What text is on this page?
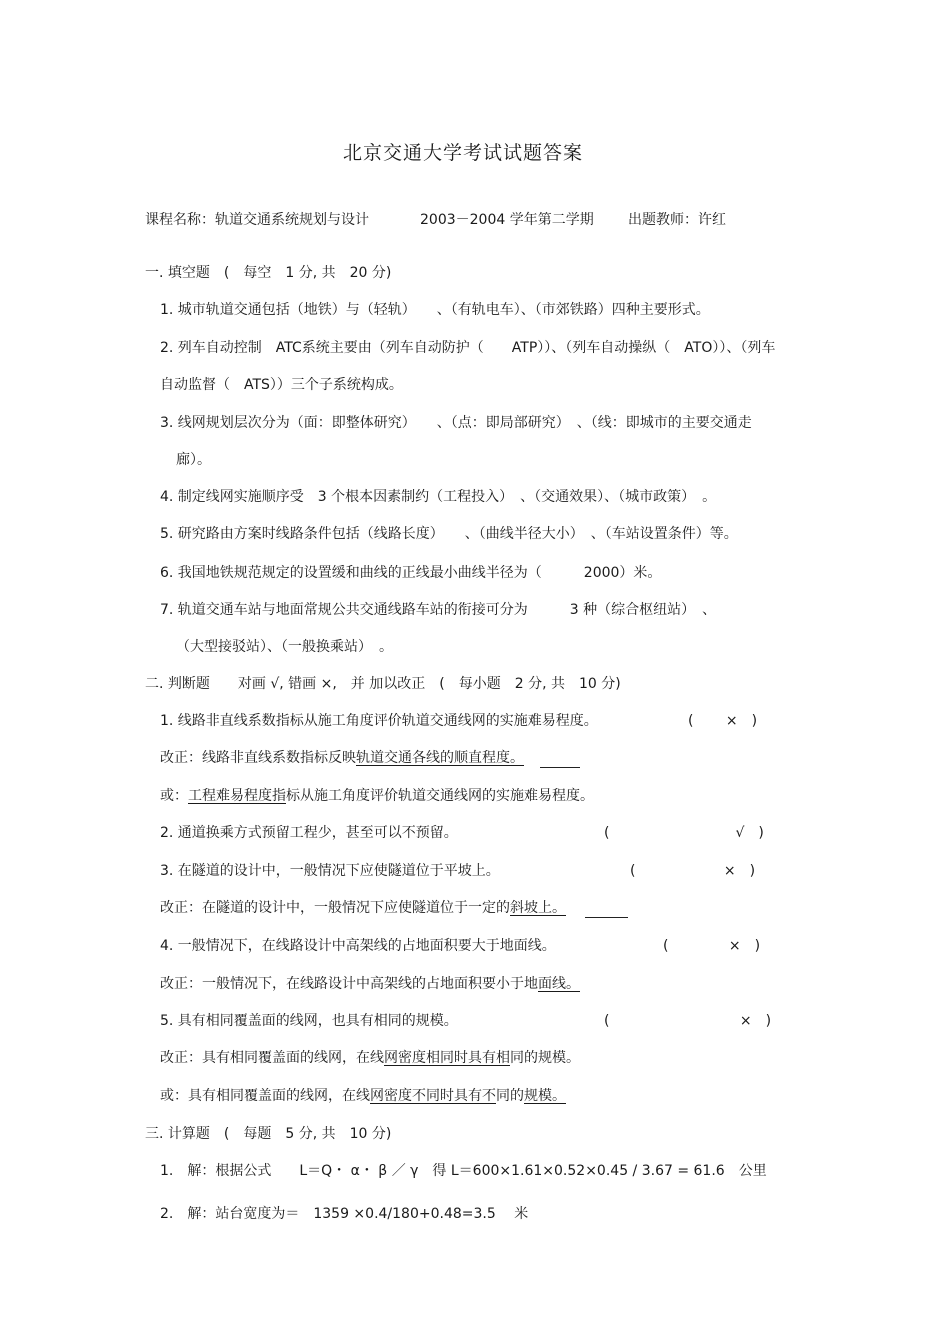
北京交通大学考试试题答案
课程名称：轨道交通系统规划与设计	2003－2004 学年第二学期 出题教师：许红
一. 填空题　(　每空　1 分, 共　20 分)
1. 城市轨道交通包括（地铁）与（轻轨）　　、（有轨电车）、（市郊铁路）四种主要形式。
2. 列车自动控制　ATC系统主要由（列车自动防护（　　ATP））、（列车自动操纵（　ATO））、（列车
自动监督（　ATS））三个子系统构成。
3. 线网规划层次分为（面：即整体研究）　　、（点：即局部研究）　、（线：即城市的主要交通走
廊）。
4. 制定线网实施顺序受　3 个根本因素制约（工程投入）　、（交通效果）、（城市政策）　。
5. 研究路由方案时线路条件包括（线路长度）　　、（曲线半径大小）　、（车站设置条件）等。
6. 我国地铁规范规定的设置缓和曲线的正线最小曲线半径为（　　　2000）米。
7. 轨道交通车站与地面常规公共交通线路车站的衔接可分为　　　3 种（综合枢纽站）　、
（大型接驳站）、（一般换乘站）　。
二. 判断题　　对画 √, 错画 ×,　并 加以改正　(　每小题　2 分, 共　10 分)
1. 线路非直线系数指标从施工角度评价轨道交通线网的实施难易程度。	(　　 ×　)
改正：线路非直线系数指标反映轨道交通各线的顺直程度。
或：工程难易程度指标从施工角度评价轨道交通线网的实施难易程度。
2. 通道换乘方式预留工程少，甚至可以不预留。	(　　　　　　　　　√　)
3. 在隧道的设计中，一般情况下应使隧道位于平坡上。	(　　　　　　 ×　)
改正：在隧道的设计中，一般情况下应使隧道位于一定的斜坡上。
4. 一般情况下，在线路设计中高架线的占地面积要大于地面线。	(　　　　 ×　)
改正：一般情况下，在线路设计中高架线的占地面积要小于地面线。
5. 具有相同覆盖面的线网，也具有相同的规模。	(　　　　　　　　　 ×　)
改正：具有相同覆盖面的线网，在线网密度相同时具有相同的规模。
或：具有相同覆盖面的线网，在线网密度不同时具有不同的规模。
三. 计算题　(　每题　5 分, 共　10 分)
1.　解：根据公式　　L＝Q・ α・ β ／ γ　得 L＝600×1.61×0.52×0.45 / 3.67 = 61.6　公里
2.　解：站台宽度为＝　1359 ×0.4/180+0.48=3.5　 米
